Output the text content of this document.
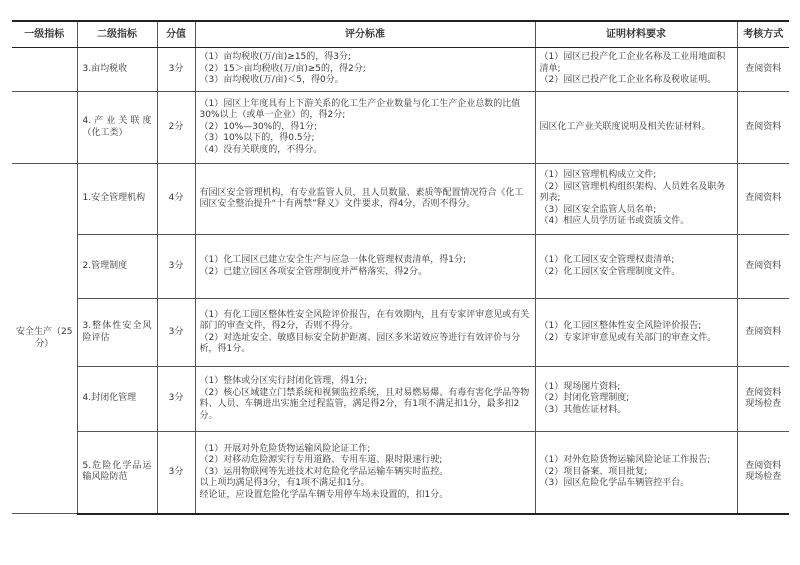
一级指标	二级指标	分值	评分标准	证明材料要求	考核方式
	3.亩均税收	3分	（1）亩均税收(万/亩)≥15的，得3分;
（2）15＞亩均税收(万/亩)≥5的，得2分;
（3）亩均税收(万/亩)＜5，得0分。	（1）园区已投产化工企业名称及工业用地面积清单;
（2）园区已投产化工企业名称及税收证明。	查阅资料

	4.产业关联度（化工类）	2分	（1）园区上年度具有上下游关系的化工生产企业数量与化工生产企业总数的比值30%以上（或单一企业）的，得2分;
（2）10%—30%的，得1分;
（3）10%以下的，得0.5分;
（4）没有关联度的，不得分。	园区化工产业关联度说明及相关佐证材料。	查阅资料

安全生产（25分）	1.安全管理机构	4分	有园区安全管理机构，有专业监管人员，且人员数量、素质等配置情况符合《化工园区安全整治提升“十有两禁”释义》文件要求，得4分，否则不得分。	（1）园区管理机构成立文件;
（2）园区管理机构组织架构、人员姓名及职务列表;
（3）园区安全监管人员名单;
（4）相应人员学历证书或资质文件。	查阅资料

	2.管理制度	3分	（1）化工园区已建立安全生产与应急一体化管理权责清单，得1分;
（2）已建立园区各项安全管理制度并严格落实，得2分。	（1）化工园区安全管理权责清单;
（2）化工园区安全管理制度文件。	查阅资料

	3.整体性安全风险评估	3分	（1）有化工园区整体性安全风险评价报告，在有效期内，且有专家评审意见或有关部门的审查文件，得2分，否则不得分。
（2）对选址安全、敏感目标安全防护距离、园区多米诺效应等进行有效评价与分析，得1分。	（1）化工园区整体性安全风险评价报告;
（2）专家评审意见或有关部门的审查文件。	查阅资料

	4.封闭化管理	3分	（1）整体或分区实行封闭化管理，得1分;
（2）核心区域建立门禁系统和视频监控系统，且对易燃易爆、有毒有害化学品等物料、人员、车辆进出实施全过程监管，满足得2分，有1项不满足扣1分，最多扣2分。	（1）现场图片资料;
（2）封闭化管理制度;
（3）其他佐证材料。	查阅资料
现场检查

	5.危险化学品运输风险防范	3分	（1）开展对外危险货物运输风险论证工作;
（2）对移动危险源实行专用道路、专用车道、限时限速行驶;
（3）运用物联网等先进技术对危险化学品运输车辆实时监控。
以上项均满足得3分，有1项不满足扣1分。
经论证，应设置危险化学品车辆专用停车场未设置的，扣1分。	（1）对外危险货物运输风险论证工作报告;
（2）项目备案、项目批复;
（3）园区危险化学品车辆管控平台。	查阅资料
现场检查
